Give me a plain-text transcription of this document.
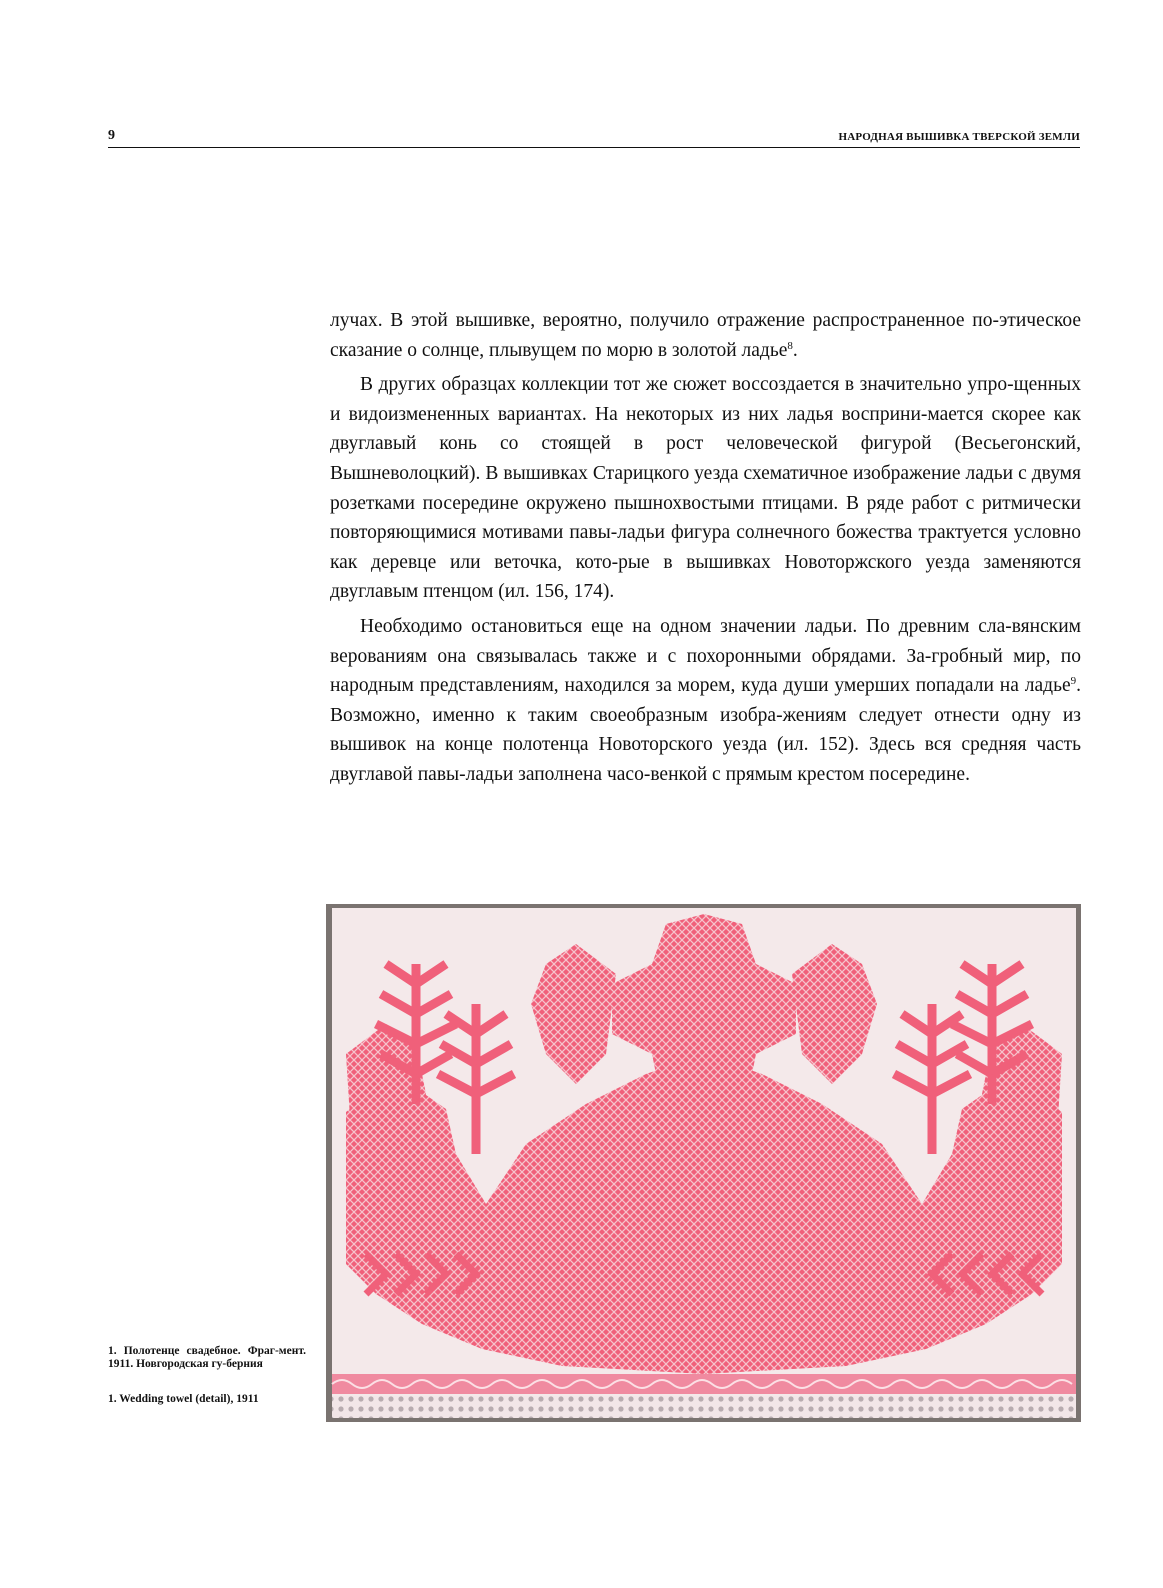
9	НАРОДНАЯ ВЫШИВКА ТВЕРСКОЙ ЗЕМЛИ

лучах. В этой вышивке, вероятно, получило отражение распространенное по-этическое сказание о солнце, плывущем по морю в золотой ладье$^8$.

В других образцах коллекции тот же сюжет воссоздается в значительно упро-щенных и видоизмененных вариантах. На некоторых из них ладья восприни-мается скорее как двуглавый конь со стоящей в рост человеческой фигурой (Весьегонский, Вышневолоцкий). В вышивках Старицкого уезда схематичное изображение ладьи с двумя розетками посередине окружено пышнохвостыми птицами. В ряде работ с ритмически повторяющимися мотивами павы-ладьи фигура солнечного божества трактуется условно как деревце или веточка, кото-рые в вышивках Новоторжского уезда заменяются двуглавым птенцом (ил. 156, 174).

Необходимо остановиться еще на одном значении ладьи. По древним сла-вянским верованиям она связывалась также и с похоронными обрядами. За-гробный мир, по народным представлениям, находился за морем, куда души умерших попадали на ладье$^9$. Возможно, именно к таким своеобразным изобра-жениям следует отнести одну из вышивок на конце полотенца Новоторского уезда (ил. 152). Здесь вся средняя часть двуглавой павы-ладьи заполнена часо-венкой с прямым крестом посередине.

1. Полотенце свадебное. Фраг-мент. 1911. Новгородская гу-берния
1. Wedding towel (detail), 1911
